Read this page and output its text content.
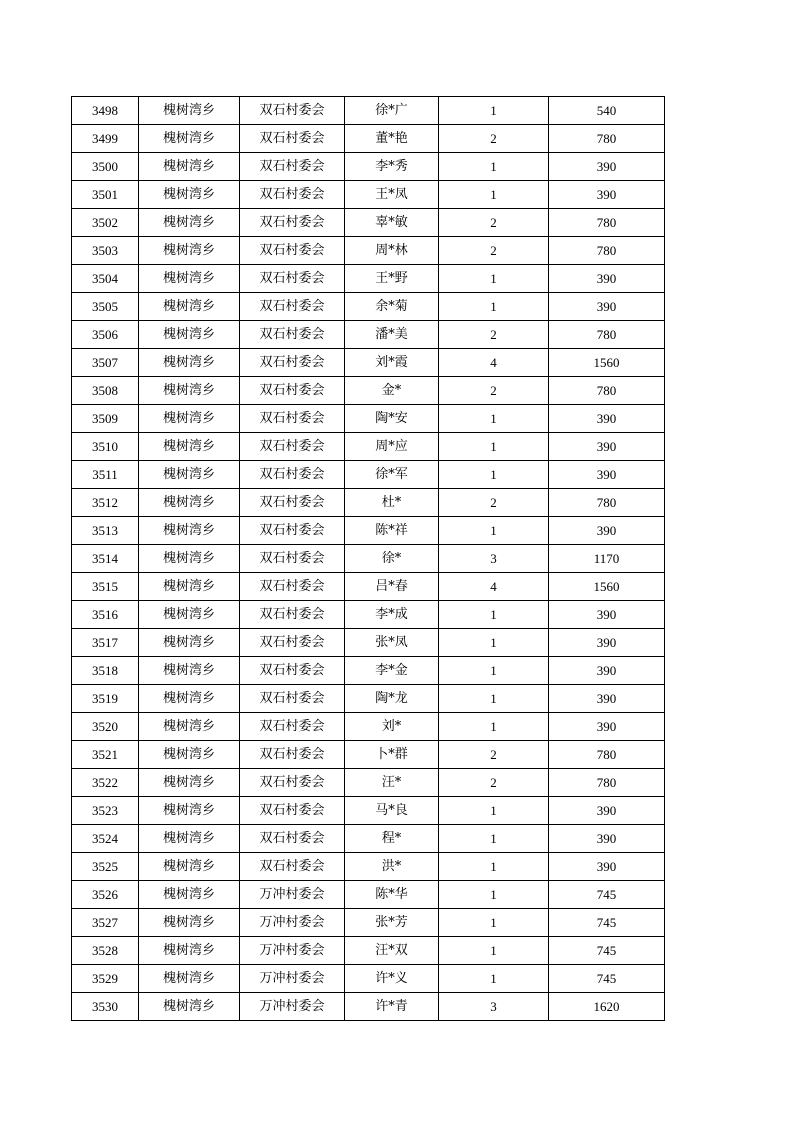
3498	槐树湾乡	双石村委会	徐*广	1	540
3499	槐树湾乡	双石村委会	董*艳	2	780
3500	槐树湾乡	双石村委会	李*秀	1	390
3501	槐树湾乡	双石村委会	王*凤	1	390
3502	槐树湾乡	双石村委会	辜*敏	2	780
3503	槐树湾乡	双石村委会	周*林	2	780
3504	槐树湾乡	双石村委会	王*野	1	390
3505	槐树湾乡	双石村委会	余*菊	1	390
3506	槐树湾乡	双石村委会	潘*美	2	780
3507	槐树湾乡	双石村委会	刘*霞	4	1560
3508	槐树湾乡	双石村委会	金*	2	780
3509	槐树湾乡	双石村委会	陶*安	1	390
3510	槐树湾乡	双石村委会	周*应	1	390
3511	槐树湾乡	双石村委会	徐*军	1	390
3512	槐树湾乡	双石村委会	杜*	2	780
3513	槐树湾乡	双石村委会	陈*祥	1	390
3514	槐树湾乡	双石村委会	徐*	3	1170
3515	槐树湾乡	双石村委会	吕*春	4	1560
3516	槐树湾乡	双石村委会	李*成	1	390
3517	槐树湾乡	双石村委会	张*凤	1	390
3518	槐树湾乡	双石村委会	李*金	1	390
3519	槐树湾乡	双石村委会	陶*龙	1	390
3520	槐树湾乡	双石村委会	刘*	1	390
3521	槐树湾乡	双石村委会	卜*群	2	780
3522	槐树湾乡	双石村委会	汪*	2	780
3523	槐树湾乡	双石村委会	马*良	1	390
3524	槐树湾乡	双石村委会	程*	1	390
3525	槐树湾乡	双石村委会	洪*	1	390
3526	槐树湾乡	万冲村委会	陈*华	1	745
3527	槐树湾乡	万冲村委会	张*芳	1	745
3528	槐树湾乡	万冲村委会	汪*双	1	745
3529	槐树湾乡	万冲村委会	许*义	1	745
3530	槐树湾乡	万冲村委会	许*青	3	1620
